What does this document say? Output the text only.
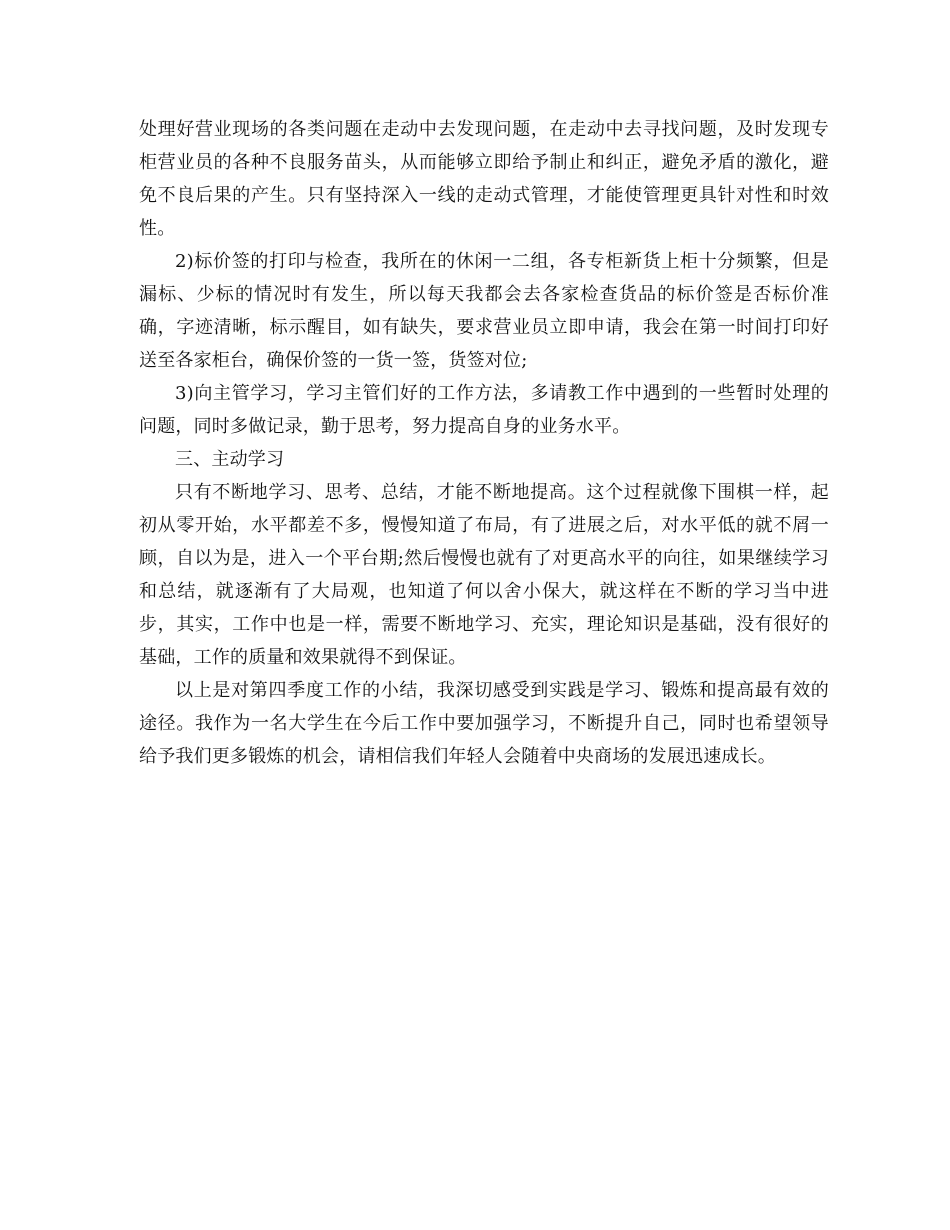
处理好营业现场的各类问题在走动中去发现问题，在走动中去寻找问题，及时发现专柜营业员的各种不良服务苗头，从而能够立即给予制止和纠正，避免矛盾的激化，避免不良后果的产生。只有坚持深入一线的走动式管理，才能使管理更具针对性和时效性。

2)标价签的打印与检查，我所在的休闲一二组，各专柜新货上柜十分频繁，但是漏标、少标的情况时有发生，所以每天我都会去各家检查货品的标价签是否标价准确，字迹清晰，标示醒目，如有缺失，要求营业员立即申请，我会在第一时间打印好送至各家柜台，确保价签的一货一签，货签对位;

3)向主管学习，学习主管们好的工作方法，多请教工作中遇到的一些暂时处理的问题，同时多做记录，勤于思考，努力提高自身的业务水平。

三、主动学习

只有不断地学习、思考、总结，才能不断地提高。这个过程就像下围棋一样，起初从零开始，水平都差不多，慢慢知道了布局，有了进展之后，对水平低的就不屑一顾，自以为是，进入一个平台期;然后慢慢也就有了对更高水平的向往，如果继续学习和总结，就逐渐有了大局观，也知道了何以舍小保大，就这样在不断的学习当中进步，其实，工作中也是一样，需要不断地学习、充实，理论知识是基础，没有很好的基础，工作的质量和效果就得不到保证。

以上是对第四季度工作的小结，我深切感受到实践是学习、锻炼和提高最有效的途径。我作为一名大学生在今后工作中要加强学习，不断提升自己，同时也希望领导给予我们更多锻炼的机会，请相信我们年轻人会随着中央商场的发展迅速成长。
